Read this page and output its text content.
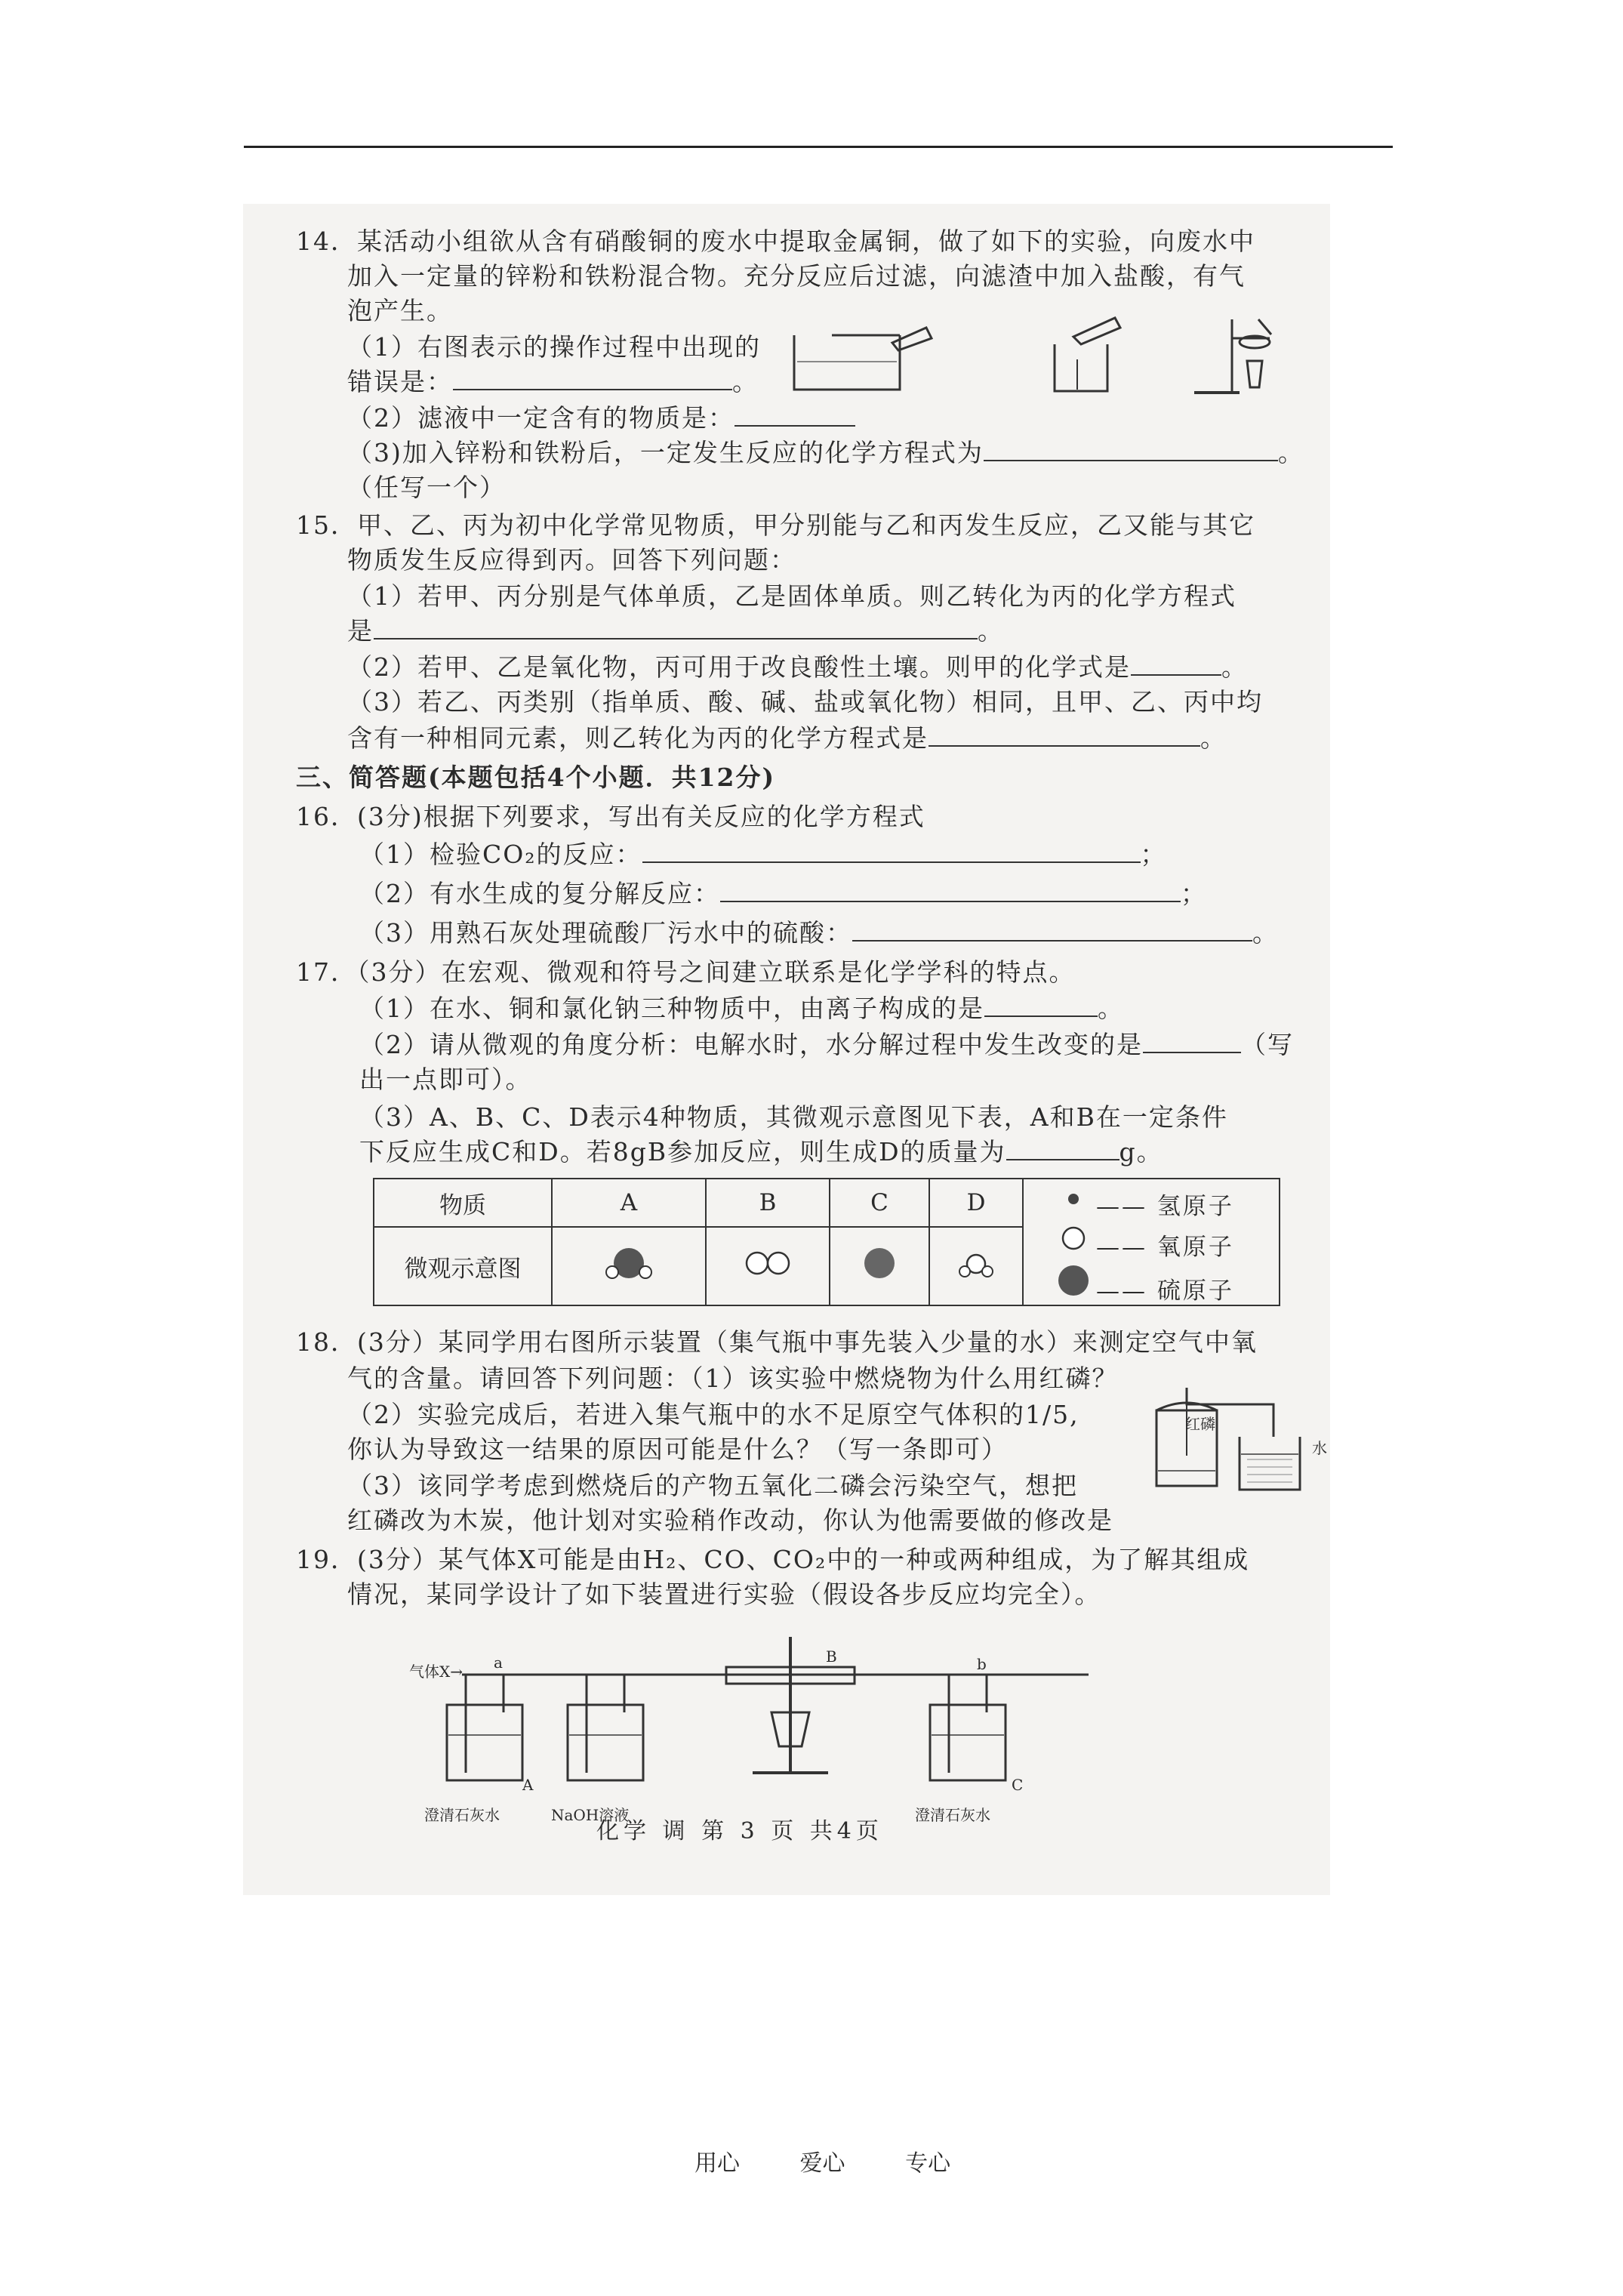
14．某活动小组欲从含有硝酸铜的废水中提取金属铜，做了如下的实验，向废水中
加入一定量的锌粉和铁粉混合物。充分反应后过滤，向滤渣中加入盐酸，有气
泡产生。
（1）右图表示的操作过程中出现的
错误是：	。
（2）滤液中一定含有的物质是：
（3)加入锌粉和铁粉后，一定发生反应的化学方程式为	。
（任写一个）
15．甲、乙、丙为初中化学常见物质，甲分别能与乙和丙发生反应，乙又能与其它
物质发生反应得到丙。回答下列问题：
（1）若甲、丙分别是气体单质，乙是固体单质。则乙转化为丙的化学方程式
是	。
（2）若甲、乙是氧化物，丙可用于改良酸性土壤。则甲的化学式是	。
（3）若乙、丙类别（指单质、酸、碱、盐或氧化物）相同，且甲、乙、丙中均
含有一种相同元素，则乙转化为丙的化学方程式是	。
三、简答题(本题包括4个小题．共12分)
16．(3分)根据下列要求，写出有关反应的化学方程式
（1）检验CO₂的反应：	；
（2）有水生成的复分解反应：	；
（3）用熟石灰处理硫酸厂污水中的硫酸：	。
17．（3分）在宏观、微观和符号之间建立联系是化学学科的特点。
（1）在水、铜和氯化钠三种物质中，由离子构成的是	。
（2）请从微观的角度分析：电解水时，水分解过程中发生改变的是	（写
出一点即可）。
（3）A、B、C、D表示4种物质，其微观示意图见下表，A和B在一定条件
下反应生成C和D。若8gB参加反应，则生成D的质量为	g。
物质	A	B	C	D	
微观示意图				
—— 氢原子
—— 氧原子
—— 硫原子
18．(3分）某同学用右图所示装置（集气瓶中事先装入少量的水）来测定空气中氧
气的含量。请回答下列问题：（1）该实验中燃烧物为什么用红磷？
（2）实验完成后，若进入集气瓶中的水不足原空气体积的1/5,
你认为导致这一结果的原因可能是什么？（写一条即可）
（3）该同学考虑到燃烧后的产物五氧化二磷会污染空气，想把
红磷改为木炭，他计划对实验稍作改动，你认为他需要做的修改是
红磷
水
19．(3分）某气体X可能是由H₂、CO、CO₂中的一种或两种组成，为了解其组成
情况，某同学设计了如下装置进行实验（假设各步反应均完全）。
气体X→ a	B	b
A	C
澄清石灰水	NaOH溶液	澄清石灰水
化学 调 第 3 页 共4页
用心	爱心	专心
